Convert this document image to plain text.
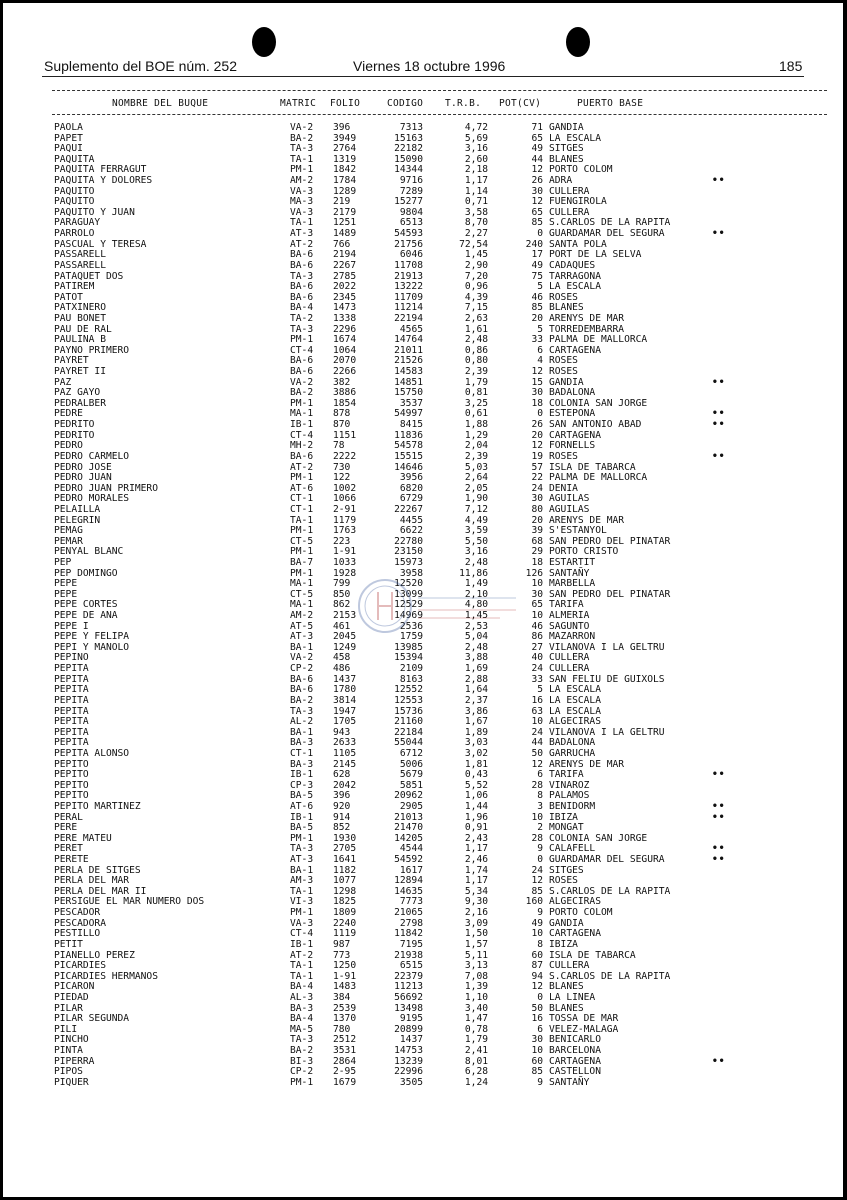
Suplemento del BOE núm. 252	Viernes 18 octubre 1996	185
NOMBRE DEL BUQUE	MATRIC FOLIO	CODIGO T.R.B. POT(CV)	PUERTO BASE
PAOLA	VA-2 396	7313	4,72	71 GANDIA
PAPET	BA-2 3949	15163	5,69	65 LA ESCALA
PAQUI	TA-3 2764	22182	3,16	49 SITGES
PAQUITA	TA-1 1319	15090	2,60	44 BLANES
PAQUITA FERRAGUT	PM-1 1842	14344	2,18	12 PORTO COLOM
PAQUITA Y DOLORES	AM-2 1784	9716	1,17	26 ADRA	••
PAQUITO	VA-3 1289	7289	1,14	30 CULLERA
PAQUITO	MA-3 219	15277	0,71	12 FUENGIROLA
PAQUITO Y JUAN	VA-3 2179	9804	3,58	65 CULLERA
PARAGUAY	TA-1 1251	6513	8,70	85 S.CARLOS DE LA RAPITA
PARROLO	AT-3 1489	54593	2,27	0 GUARDAMAR DEL SEGURA	••
PASCUAL Y TERESA	AT-2 766	21756	72,54	240 SANTA POLA
PASSARELL	BA-6 2194	6046	1,45	17 PORT DE LA SELVA
PASSARELL	BA-6 2267	11708	2,90	49 CADAQUES
PATAQUET DOS	TA-3 2785	21913	7,20	75 TARRAGONA
PATIREM	BA-6 2022	13222	0,96	5 LA ESCALA
PATOT	BA-6 2345	11709	4,39	46 ROSES
PATXINERO	BA-4 1473	11214	7,15	85 BLANES
PAU BONET	TA-2 1338	22194	2,63	20 ARENYS DE MAR
PAU DE RAL	TA-3 2296	4565	1,61	5 TORREDEMBARRA
PAULINA B	PM-1 1674	14764	2,48	33 PALMA DE MALLORCA
PAYNO PRIMERO	CT-4 1064	21011	0,86	6 CARTAGENA
PAYRET	BA-6 2070	21526	0,80	4 ROSES
PAYRET II	BA-6 2266	14583	2,39	12 ROSES
PAZ	VA-2 382	14851	1,79	15 GANDIA	••
PAZ GAYO	BA-2 3886	15750	0,81	30 BADALONA
PEDRALBER	PM-1 1854	3537	3,25	18 COLONIA SAN JORGE
PEDRE	MA-1 878	54997	0,61	0 ESTEPONA	••
PEDRITO	IB-1 870	8415	1,88	26 SAN ANTONIO ABAD	••
PEDRITO	CT-4 1151	11836	1,29	20 CARTAGENA
PEDRO	MH-2 78	54578	2,04	12 FORNELLS
PEDRO CARMELO	BA-6 2222	15515	2,39	19 ROSES	••
PEDRO JOSE	AT-2 730	14646	5,03	57 ISLA DE TABARCA
PEDRO JUAN	PM-1 122	3956	2,64	22 PALMA DE MALLORCA
PEDRO JUAN PRIMERO	AT-6 1002	6820	2,05	24 DENIA
PEDRO MORALES	CT-1 1066	6729	1,90	30 AGUILAS
PELAILLA	CT-1 2-91	22267	7,12	80 AGUILAS
PELEGRIN	TA-1 1179	4455	4,49	20 ARENYS DE MAR
PEMAG	PM-1 1763	6622	3,59	39 S'ESTANYOL
PEMAR	CT-5 223	22780	5,50	68 SAN PEDRO DEL PINATAR
PENYAL BLANC	PM-1 1-91	23150	3,16	29 PORTO CRISTO
PEP	BA-7 1033	15973	2,48	18 ESTARTIT
PEP DOMINGO	PM-1 1928	3958	11,86	126 SANTAÑY
PEPE	MA-1 799	12520	1,49	10 MARBELLA
PEPE	CT-5 850	13099	2,10	30 SAN PEDRO DEL PINATAR
PEPE CORTES	MA-1 862	12529	4,80	65 TARIFA
PEPE DE ANA	AM-2 2153	14969	1,45	10 ALMERIA
PEPE I	AT-5 461	2536	2,53	46 SAGUNTO
PEPE Y FELIPA	AT-3 2045	1759	5,04	86 MAZARRON
PEPI Y MANOLO	BA-1 1249	13985	2,48	27 VILANOVA I LA GELTRU
PEPINO	VA-2 458	15394	3,88	40 CULLERA
PEPITA	CP-2 486	2109	1,69	24 CULLERA
PEPITA	BA-6 1437	8163	2,88	33 SAN FELIU DE GUIXOLS
PEPITA	BA-6 1780	12552	1,64	5 LA ESCALA
PEPITA	BA-2 3814	12553	2,37	16 LA ESCALA
PEPITA	TA-3 1947	15736	3,86	63 LA ESCALA
PEPITA	AL-2 1705	21160	1,67	10 ALGECIRAS
PEPITA	BA-1 943	22184	1,89	24 VILANOVA I LA GELTRU
PEPITA	BA-3 2633	55044	3,03	44 BADALONA
PEPITA ALONSO	CT-1 1105	6712	3,02	50 GARRUCHA
PEPITO	BA-3 2145	5006	1,81	12 ARENYS DE MAR
PEPITO	IB-1 628	5679	0,43	6 TARIFA	••
PEPITO	CP-3 2042	5851	5,52	28 VINAROZ
PEPITO	BA-5 396	20962	1,06	8 PALAMOS
PEPITO MARTINEZ	AT-6 920	2905	1,44	3 BENIDORM	••
PERAL	IB-1 914	21013	1,96	10 IBIZA	••
PERE	BA-5 852	21470	0,91	2 MONGAT
PERE MATEU	PM-1 1930	14205	2,43	28 COLONIA SAN JORGE
PERET	TA-3 2705	4544	1,17	9 CALAFELL	••
PERETE	AT-3 1641	54592	2,46	0 GUARDAMAR DEL SEGURA	••
PERLA DE SITGES	BA-1 1182	1617	1,74	24 SITGES
PERLA DEL MAR	AM-3 1077	12894	1,17	12 ROSES
PERLA DEL MAR II	TA-1 1298	14635	5,34	85 S.CARLOS DE LA RAPITA
PERSIGUE EL MAR NUMERO DOS	VI-3 1825	7773	9,30	160 ALGECIRAS
PESCADOR	PM-1 1809	21065	2,16	9 PORTO COLOM
PESCADORA	VA-3 2240	2798	3,09	49 GANDIA
PESTILLO	CT-4 1119	11842	1,50	10 CARTAGENA
PETIT	IB-1 987	7195	1,57	8 IBIZA
PIANELLO PEREZ	AT-2 773	21938	5,11	60 ISLA DE TABARCA
PICARDIES	TA-1 1250	6515	3,13	87 CULLERA
PICARDIES HERMANOS	TA-1 1-91	22379	7,08	94 S.CARLOS DE LA RAPITA
PICARON	BA-4 1483	11213	1,39	12 BLANES
PIEDAD	AL-3 384	56692	1,10	0 LA LINEA
PILAR	BA-3 2539	13498	3,40	50 BLANES
PILAR SEGUNDA	BA-4 1370	9195	1,47	16 TOSSA DE MAR
PILI	MA-5 780	20899	0,78	6 VELEZ-MALAGA
PINCHO	TA-3 2512	1437	1,79	30 BENICARLO
PINTA	BA-2 3531	14753	2,41	10 BARCELONA
PIPERRA	BI-3 2864	13239	8,01	60 CARTAGENA	••
PIPOS	CP-2 2-95	22996	6,28	85 CASTELLON
PIQUER	PM-1 1679	3505	1,24	9 SANTAÑY
